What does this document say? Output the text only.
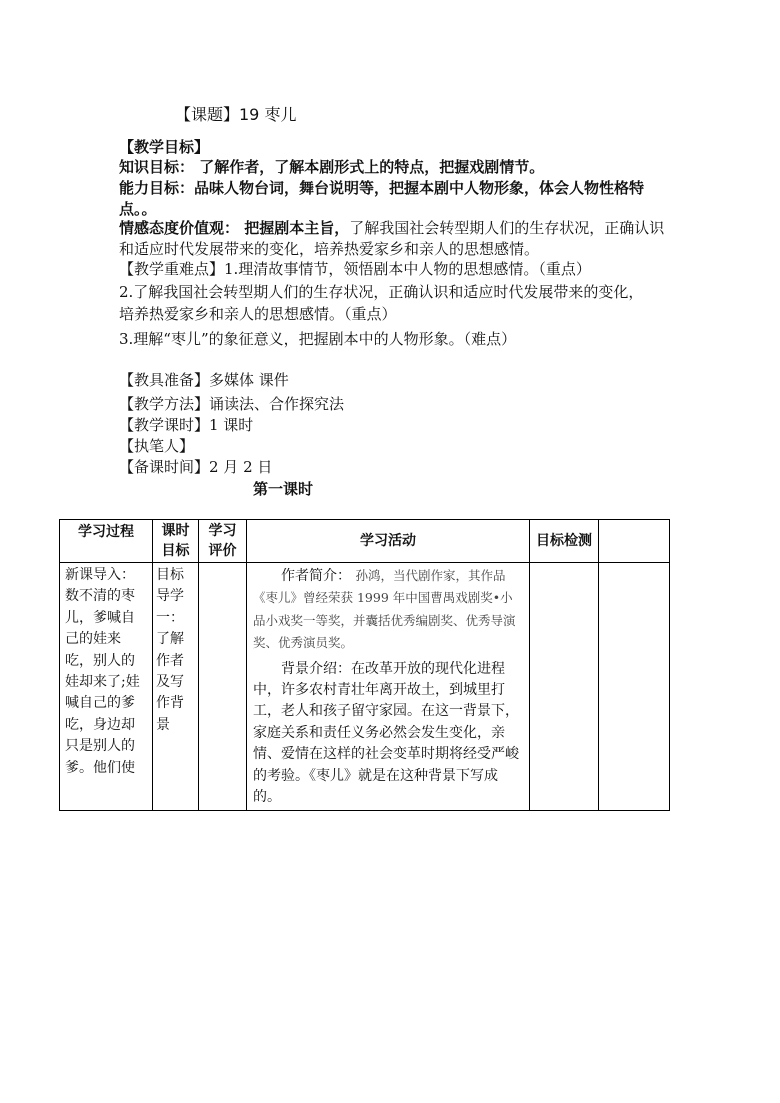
【课题】19 枣儿
【教学目标】
知识目标： 了解作者，了解本剧形式上的特点，把握戏剧情节。
能力目标：品味人物台词，舞台说明等，把握本剧中人物形象，体会人物性格特点。。
情感态度价值观： 把握剧本主旨，了解我国社会转型期人们的生存状况，正确认识和适应时代发展带来的变化，培养热爱家乡和亲人的思想感情。
【教学重难点】1.理清故事情节，领悟剧本中人物的思想感情。（重点）
2.了解我国社会转型期人们的生存状况，正确认识和适应时代发展带来的变化，
培养热爱家乡和亲人的思想感情。（重点）
3.理解“枣儿”的象征意义，把握剧本中的人物形象。（难点）
【教具准备】多媒体 课件
【教学方法】诵读法、合作探究法
【教学课时】1 课时
【执笔人】
【备课时间】2 月 2 日
第一课时
学习过程	课时目标	学习评价	学习活动	目标检测	

新课导入：数不清的枣儿，爹喊自己的娃来吃，别人的娃却来了;娃喊自己的爹吃，身边却只是别人的爹。他们使	目标导学一：了解作者及写作背景		作者简介： 孙鸿，当代剧作家，其作品《枣儿》曾经荣获 1999 年中国曹禺戏剧奖•小品小戏奖一等奖，并囊括优秀编剧奖、优秀导演奖、优秀演员奖。
背景介绍：在改革开放的现代化进程中，许多农村青壮年离开故土，到城里打工，老人和孩子留守家园。在这一背景下，家庭关系和责任义务必然会发生变化，亲情、爱情在这样的社会变革时期将经受严峻的考验。《枣儿》就是在这种背景下写成的。		
